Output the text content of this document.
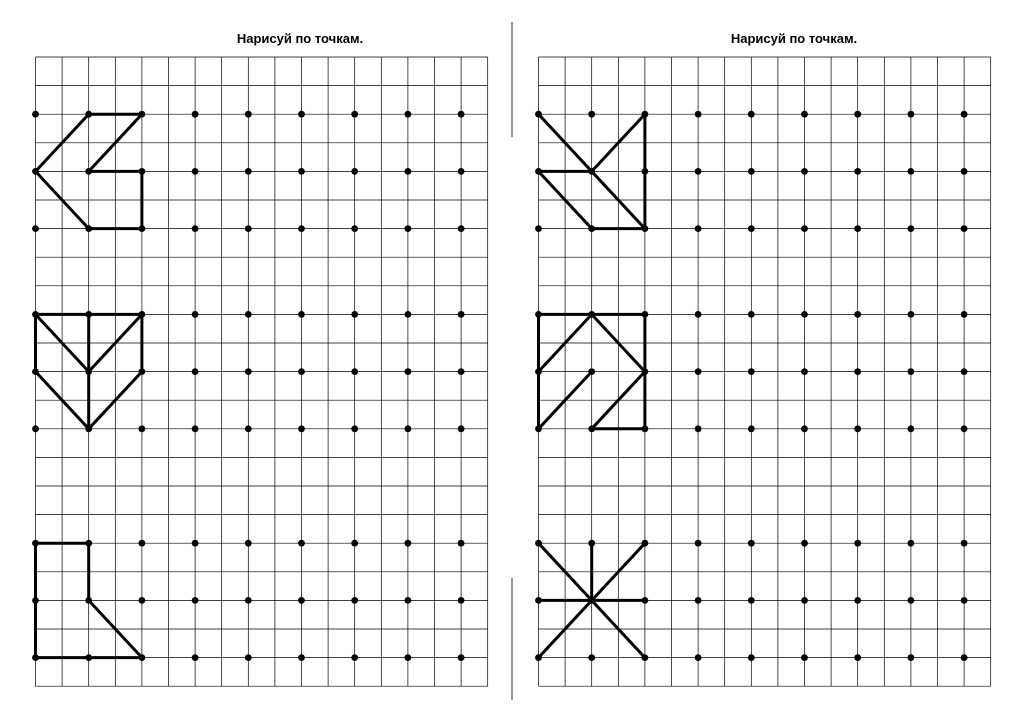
Нарисуй по точкам.	Нарисуй по точкам.
